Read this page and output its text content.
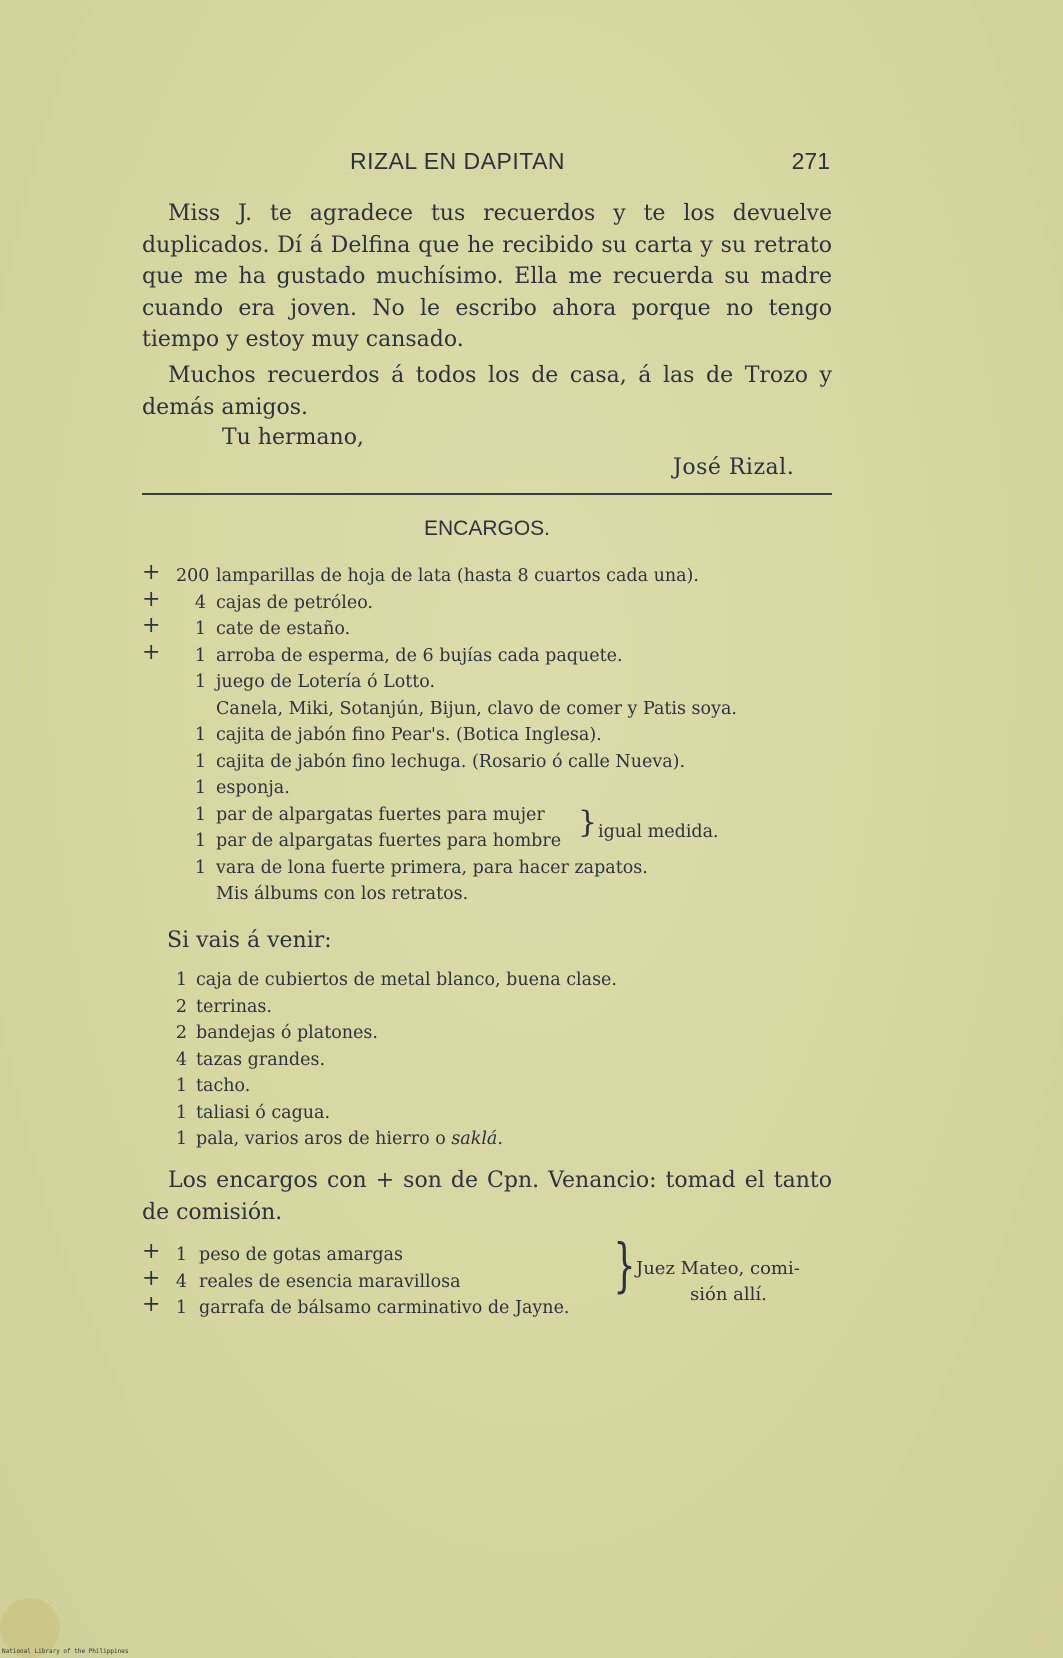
RIZAL EN DAPITAN	271
Miss J. te agradece tus recuerdos y te los devuelve duplicados. Dí á Delfina que he recibido su carta y su retrato que me ha gustado muchísimo. Ella me recuerda su madre cuando era joven. No le escribo ahora porque no tengo tiempo y estoy muy cansado.
Muchos recuerdos á todos los de casa, á las de Trozo y demás amigos.
Tu hermano,
José Rizal.
ENCARGOS.
+ 200 lamparillas de hoja de lata (hasta 8 cuartos cada una).
+	4 cajas de petróleo.
+	1 cate de estaño.
+	1 arroba de esperma, de 6 bujías cada paquete.
1 juego de Lotería ó Lotto.
Canela, Miki, Sotanjún, Bijun, clavo de comer y Patis soya.
1 cajita de jabón fino Pear's. (Botica Inglesa).
1 cajita de jabón fino lechuga. (Rosario ó calle Nueva).
1 esponja.
1 par de alpargatas fuertes para mujer
1 par de alpargatas fuertes para hombre
1 vara de lona fuerte primera, para hacer zapatos.
Mis álbums con los retratos.
} igual medida.
Si vais á venir:
1 caja de cubiertos de metal blanco, buena clase.
2 terrinas.
2 bandejas ó platones.
4 tazas grandes.
1 tacho.
1 taliasi ó cagua.
1 pala, varios aros de hierro o saklá.
Los encargos con + son de Cpn. Venancio: tomad el tanto de comisión.
+ 1 peso de gotas amargas
+ 4 reales de esencia maravillosa
+ 1 garrafa de bálsamo carminativo de Jayne.
} Juez Mateo, comi-
sión allí.
National Library of the Philippines
